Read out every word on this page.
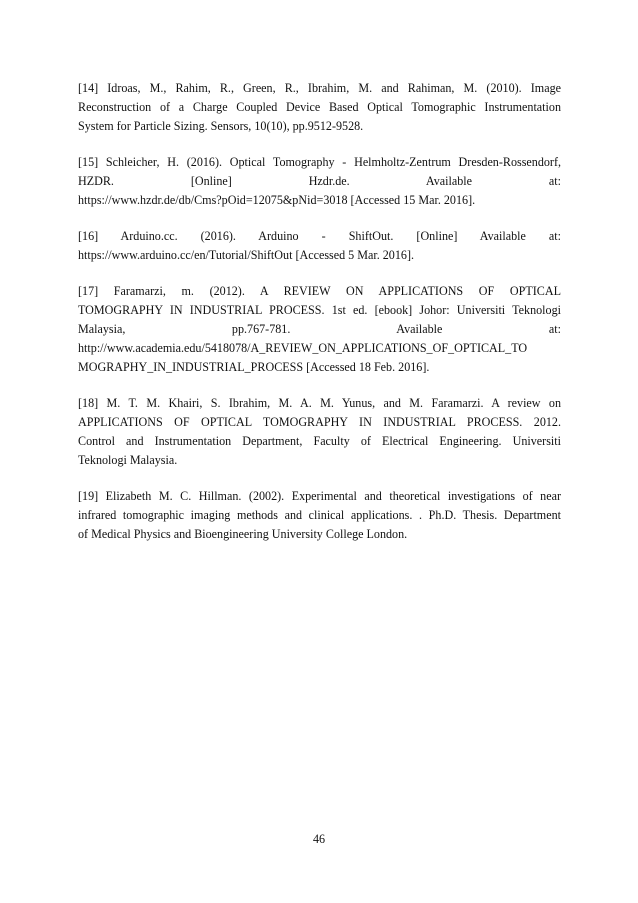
[14] Idroas, M., Rahim, R., Green, R., Ibrahim, M. and Rahiman, M. (2010). Image
Reconstruction of a Charge Coupled Device Based Optical Tomographic Instrumentation
System for Particle Sizing. Sensors, 10(10), pp.9512-9528.
[15] Schleicher, H. (2016). Optical Tomography - Helmholtz-Zentrum Dresden-Rossendorf,
HZDR. [Online] Hzdr.de. Available at:
https://www.hzdr.de/db/Cms?pOid=12075&pNid=3018 [Accessed 15 Mar. 2016].
[16] Arduino.cc. (2016). Arduino - ShiftOut. [Online] Available at:
https://www.arduino.cc/en/Tutorial/ShiftOut [Accessed 5 Mar. 2016].
[17] Faramarzi, m. (2012). A REVIEW ON APPLICATIONS OF OPTICAL
TOMOGRAPHY IN INDUSTRIAL PROCESS. 1st ed. [ebook] Johor: Universiti Teknologi
Malaysia, pp.767-781. Available at:
http://www.academia.edu/5418078/A_REVIEW_ON_APPLICATIONS_OF_OPTICAL_TO
MOGRAPHY_IN_INDUSTRIAL_PROCESS [Accessed 18 Feb. 2016].
[18] M. T. M. Khairi, S. Ibrahim, M. A. M. Yunus, and M. Faramarzi. A review on
APPLICATIONS OF OPTICAL TOMOGRAPHY IN INDUSTRIAL PROCESS. 2012.
Control and Instrumentation Department, Faculty of Electrical Engineering. Universiti
Teknologi Malaysia.
[19] Elizabeth M. C. Hillman. (2002). Experimental and theoretical investigations of near
infrared tomographic imaging methods and clinical applications. . Ph.D. Thesis. Department
of Medical Physics and Bioengineering University College London.
46
